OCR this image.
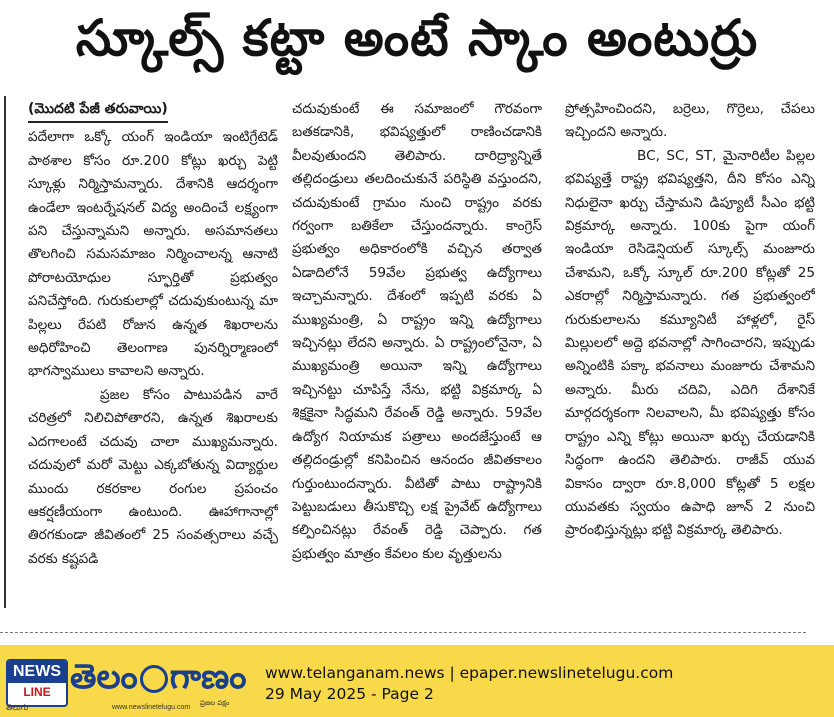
స్కూల్స్ కట్టా అంటే స్కాం అంటుర్రు
(మొదటి పేజీ తరువాయి)

పదేలాగా ఒక్కో యంగ్ ఇండియా ఇంటిగ్రేటెడ్ పాఠశాల కోసం రూ.200 కోట్లు ఖర్చు పెట్టి స్కూళ్లు నిర్మిస్తామన్నారు. దేశానికి ఆదర్శంగా ఉండేలా ఇంటర్నేషనల్ విద్య అందించే లక్ష్యంగా పని చేస్తున్నామని అన్నారు. అసమానతలు తొలగించి సమసమాజం నిర్మించాలన్న ఆనాటి పోరాటయోధుల స్ఫూర్తితో ప్రభుత్వం పనిచేస్తోంది. గురుకులాల్లో చదువుకుంటున్న మా పిల్లలు రేపటి రోజున ఉన్నత శిఖరాలను అధిరోహించి తెలంగాణ పునర్నిర్మాణంలో భాగస్వాములు కావాలని అన్నారు.

ప్రజల కోసం పాటుపడిన వారే చరిత్రలో నిలిచిపోతారని, ఉన్నత శిఖరాలకు ఎదగాలంటే చదువు చాలా ముఖ్యమన్నారు. చదువులో మరో మెట్టు ఎక్కబోతున్న విద్యార్థుల ముందు రకరకాల రంగుల ప్రపంచం ఆకర్షణీయంగా ఉంటుంది. ఊహాగానాల్లో తిరగకుండా జీవితంలో 25 సంవత్సరాలు వచ్చే వరకు కష్టపడి

చదువుకుంటే ఈ సమాజంలో గౌరవంగా బతకడానికి, భవిష్యత్తులో రాణించడానికి వీలవుతుందని తెలిపారు. దారిద్ర్యాన్నితే తల్లిదండ్రులు తలదించుకునే పరిస్థితి వస్తుందని, చదువుకుంటే గ్రామం నుంచి రాష్ట్రం వరకు గర్వంగా బతికేలా చేస్తుందన్నారు. కాంగ్రెస్ ప్రభుత్వం అధికారంలోకి వచ్చిన తర్వాత ఏడాదిలోనే 59వేల ప్రభుత్వ ఉద్యోగాలు ఇచ్చామన్నారు. దేశంలో ఇప్పటి వరకు ఏ ముఖ్యమంత్రి, ఏ రాష్ట్రం ఇన్ని ఉద్యోగాలు ఇచ్చినట్లు లేదని అన్నారు. ఏ రాష్ట్రంలోనైనా, ఏ ముఖ్యమంత్రి అయినా ఇన్ని ఉద్యోగాలు ఇచ్చినట్టు చూపిస్తే నేను, భట్టి విక్రమార్క ఏ శిక్షకైనా సిద్ధమని రేవంత్ రెడ్డి అన్నారు. 59వేల ఉద్యోగ నియామక పత్రాలు అందజేస్తుంటే ఆ తల్లిదండ్రుల్లో కనిపించిన ఆనందం జీవితకాలం గుర్తుంటుందన్నారు. వీటితో పాటు రాష్ట్రానికి పెట్టుబడులు తీసుకొచ్చి లక్ష ప్రైవేట్ ఉద్యోగాలు కల్పించినట్లు రేవంత్ రెడ్డి చెప్పారు. గత ప్రభుత్వం మాత్రం కేవలం కుల వృత్తులను

ప్రోత్సహించిందని, బర్రెలు, గొర్రెలు, చేపలు ఇచ్చిందని అన్నారు.

BC, SC, ST, మైనారిటీల పిల్లల భవిష్యత్తే రాష్ట్ర భవిష్యత్తని, దీని కోసం ఎన్ని నిధులైనా ఖర్చు చేస్తామని డిప్యూటీ సీఎం భట్టి విక్రమార్క అన్నారు. 100కు పైగా యంగ్ ఇండియా రెసిడెన్షియల్ స్కూల్స్ మంజూరు చేశామని, ఒక్కో స్కూల్ రూ.200 కోట్లతో 25 ఎకరాల్లో నిర్మిస్తామన్నారు. గత ప్రభుత్వంలో గురుకులాలను కమ్యూనిటీ హాళ్లలో, రైస్ మిల్లులలో అద్దె భవనాల్లో సాగించారని, ఇప్పుడు అన్నింటికి పక్కా భవనాలు మంజూరు చేశామని అన్నారు. మీరు చదివి, ఎదిగి దేశానికే మార్గదర్శకంగా నిలవాలని, మీ భవిష్యత్తు కోసం రాష్ట్రం ఎన్ని కోట్లు అయినా ఖర్చు చేయడానికి సిద్ధంగా ఉందని తెలిపారు. రాజీవ్ యువ వికాసం ద్వారా రూ.8,000 కోట్లతో 5 లక్షల యువతకు స్వయం ఉపాధి జూన్ 2 నుంచి ప్రారంభిస్తున్నట్లు భట్టి విక్రమార్క తెలిపారు.

NEWS
LINE
తెలుగు
తెలం గాణం
ప్రజల పక్షం
www.newslinetelugu.com
www.telanganam.news | epaper.newslinetelugu.com
29 May 2025 - Page 2
